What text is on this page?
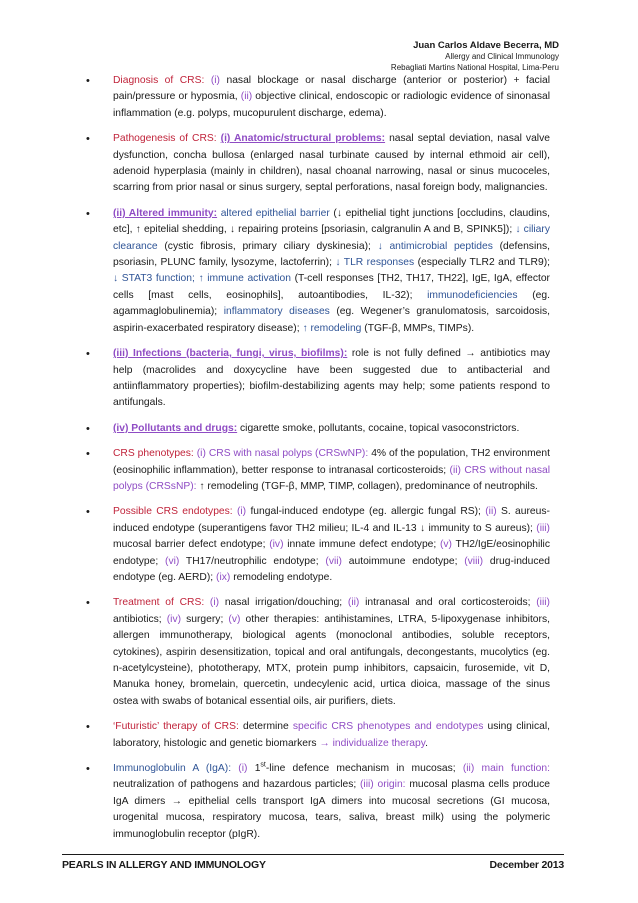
Juan Carlos Aldave Becerra, MD
Allergy and Clinical Immunology
Rebagliati Martins National Hospital, Lima-Peru
• Diagnosis of CRS: (i) nasal blockage or nasal discharge (anterior or posterior) + facial pain/pressure or hyposmia, (ii) objective clinical, endoscopic or radiologic evidence of sinonasal inflammation (e.g. polyps, mucopurulent discharge, edema).
• Pathogenesis of CRS: (i) Anatomic/structural problems: nasal septal deviation, nasal valve dysfunction, concha bullosa (enlarged nasal turbinate caused by internal ethmoid air cell), adenoid hyperplasia (mainly in children), nasal choanal narrowing, nasal or sinus mucoceles, scarring from prior nasal or sinus surgery, septal perforations, nasal foreign body, malignancies.
• (ii) Altered immunity: altered epithelial barrier (↓ epithelial tight junctions [occludins, claudins, etc], ↑ epitelial shedding, ↓ repairing proteins [psoriasin, calgranulin A and B, SPINK5]); ↓ ciliary clearance (cystic fibrosis, primary ciliary dyskinesia); ↓ antimicrobial peptides (defensins, psoriasin, PLUNC family, lysozyme, lactoferrin); ↓ TLR responses (especially TLR2 and TLR9); ↓ STAT3 function; ↑ immune activation (T-cell responses [TH2, TH17, TH22], IgE, IgA, effector cells [mast cells, eosinophils], autoantibodies, IL-32); immunodeficiencies (eg. agammaglobulinemia); inflammatory diseases (eg. Wegener’s granulomatosis, sarcoidosis, aspirin-exacerbated respiratory disease); ↑ remodeling (TGF-β, MMPs, TIMPs).
• (iii) Infections (bacteria, fungi, virus, biofilms): role is not fully defined → antibiotics may help (macrolides and doxycycline have been suggested due to antibacterial and antiinflammatory properties); biofilm-destabilizing agents may help; some patients respond to antifungals.
• (iv) Pollutants and drugs: cigarette smoke, pollutants, cocaine, topical vasoconstrictors.
• CRS phenotypes: (i) CRS with nasal polyps (CRSwNP): 4% of the population, TH2 environment (eosinophilic inflammation), better response to intranasal corticosteroids; (ii) CRS without nasal polyps (CRSsNP): ↑ remodeling (TGF-β, MMP, TIMP, collagen), predominance of neutrophils.
• Possible CRS endotypes: (i) fungal-induced endotype (eg. allergic fungal RS); (ii) S. aureus-induced endotype (superantigens favor TH2 milieu; IL-4 and IL-13 ↓ immunity to S aureus); (iii) mucosal barrier defect endotype; (iv) innate immune defect endotype; (v) TH2/IgE/eosinophilic endotype; (vi) TH17/neutrophilic endotype; (vii) autoimmune endotype; (viii) drug-induced endotype (eg. AERD); (ix) remodeling endotype.
• Treatment of CRS: (i) nasal irrigation/douching; (ii) intranasal and oral corticosteroids; (iii) antibiotics; (iv) surgery; (v) other therapies: antihistamines, LTRA, 5-lipoxygenase inhibitors, allergen immunotherapy, biological agents (monoclonal antibodies, soluble receptors, cytokines), aspirin desensitization, topical and oral antifungals, decongestants, mucolytics (eg. n-acetylcysteine), phototherapy, MTX, protein pump inhibitors, capsaicin, furosemide, vit D, Manuka honey, bromelain, quercetin, undecylenic acid, urtica dioica, massage of the sinus ostea with swabs of botanical essential oils, air purifiers, diets.
• ‘Futuristic’ therapy of CRS: determine specific CRS phenotypes and endotypes using clinical, laboratory, histologic and genetic biomarkers → individualize therapy.
• Immunoglobulin A (IgA): (i) 1st-line defence mechanism in mucosas; (ii) main function: neutralization of pathogens and hazardous particles; (iii) origin: mucosal plasma cells produce IgA dimers → epithelial cells transport IgA dimers into mucosal secretions (GI mucosa, urogenital mucosa, respiratory mucosa, tears, saliva, breast milk) using the polymeric immunoglobulin receptor (pIgR).
PEARLS IN ALLERGY AND IMMUNOLOGY	December 2013
